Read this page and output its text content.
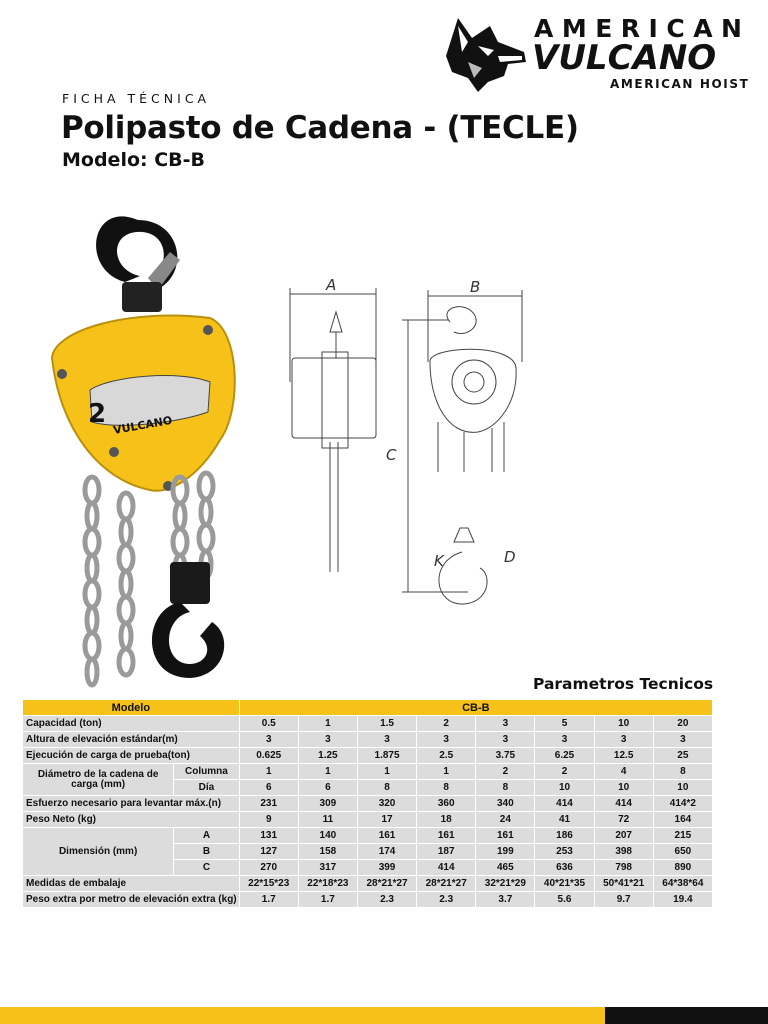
AMERICAN
VULCANO
AMERICAN HOIST
FICHA TÉCNICA
Polipasto de Cadena - (TECLE)
Modelo: CB-B
2 VULCANO
A	B
C
K	D
Parametros Tecnicos
Modelo		CB-B							
Capacidad (ton)		0.5	1	1.5	2	3	5	10	20
Altura de elevación estándar(m)		3	3	3	3	3	3	3	3
Ejecución de carga de prueba(ton)		0.625	1.25	1.875	2.5	3.75	6.25	12.5	25
Diámetro de la cadena de carga (mm)	Columna	1	1	1	1	2	2	4	8
	Día	6	6	8	8	8	10	10	10
Esfuerzo necesario para levantar máx.(n)		231	309	320	360	340	414	414	414*2
Peso Neto (kg)		9	11	17	18	24	41	72	164
Dimensión (mm)	A	131	140	161	161	161	186	207	215
	B	127	158	174	187	199	253	398	650
	C	270	317	399	414	465	636	798	890
Medidas de embalaje		22*15*23	22*18*23	28*21*27	28*21*27	32*21*29	40*21*35	50*41*21	64*38*64
Peso extra por metro de elevación extra (kg)		1.7	1.7	2.3	2.3	3.7	5.6	9.7	19.4
